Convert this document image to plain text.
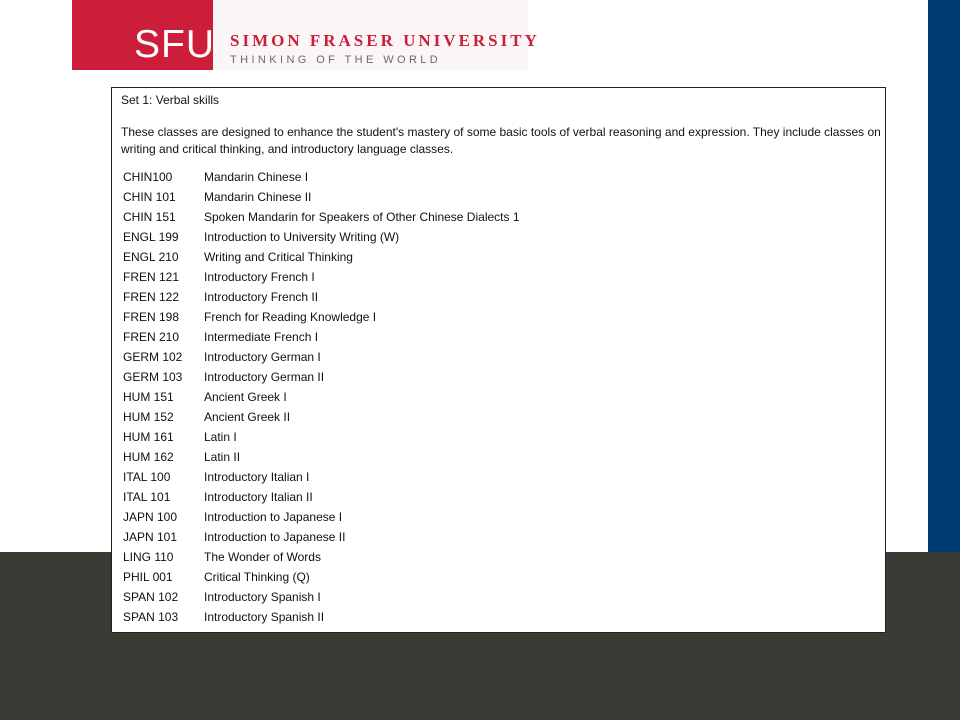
SFU SIMON FRASER UNIVERSITY
THINKING OF THE WORLD

Set 1: Verbal skills

These classes are designed to enhance the student's mastery of some basic tools of verbal reasoning and expression. They include classes on writing and critical thinking, and introductory language classes.

CHIN100	Mandarin Chinese I
CHIN 101	Mandarin Chinese II
CHIN 151	Spoken Mandarin for Speakers of Other Chinese Dialects 1
ENGL 199	Introduction to University Writing (W)
ENGL 210	Writing and Critical Thinking
FREN 121	Introductory French I
FREN 122	Introductory French II
FREN 198	French for Reading Knowledge I
FREN 210	Intermediate French I
GERM 102	Introductory German I
GERM 103	Introductory German II
HUM 151	Ancient Greek I
HUM 152	Ancient Greek II
HUM 161	Latin I
HUM 162	Latin II
ITAL 100	Introductory Italian I
ITAL 101	Introductory Italian II
JAPN 100	Introduction to Japanese I
JAPN 101	Introduction to Japanese II
LING 110	The Wonder of Words
PHIL 001	Critical Thinking (Q)
SPAN 102	Introductory Spanish I
SPAN 103	Introductory Spanish II
